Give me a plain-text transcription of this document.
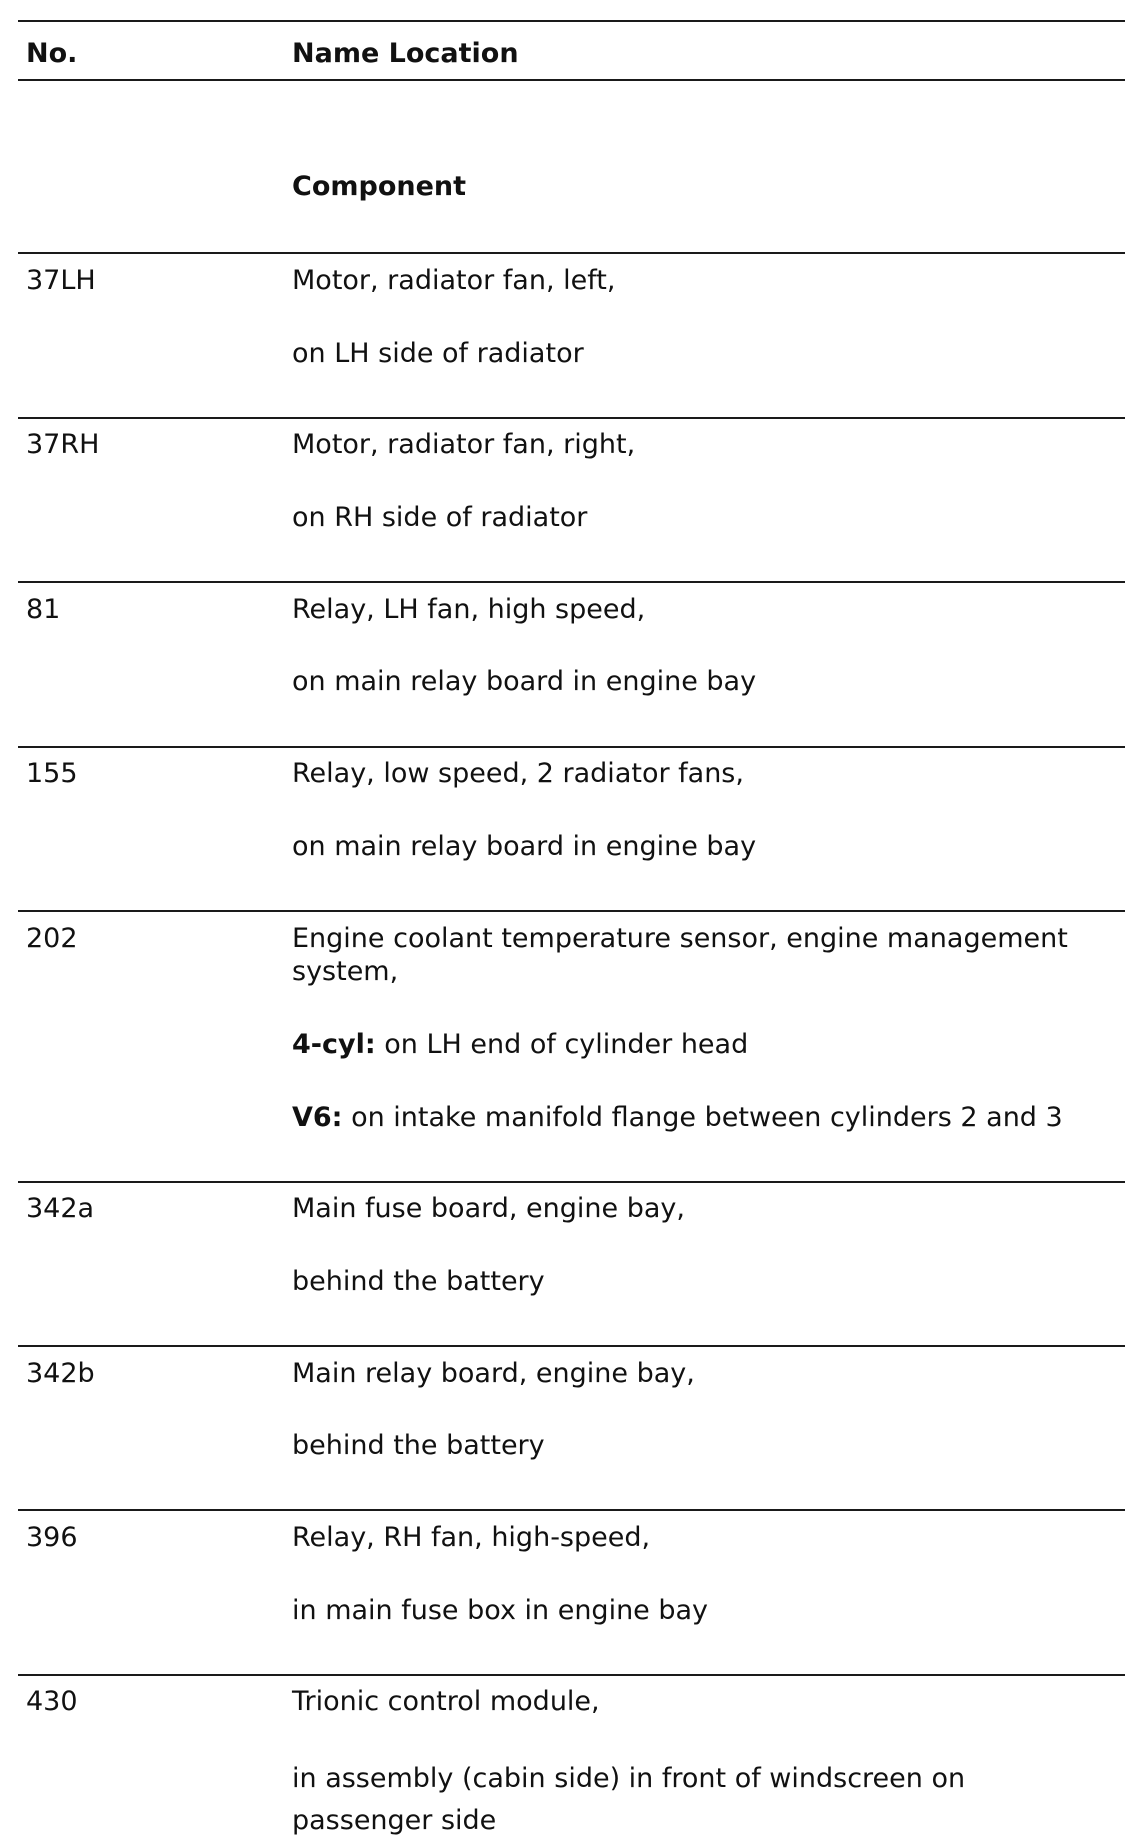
No.	Name Location
Component
37LH	Motor, radiator fan, left,
on LH side of radiator
37RH	Motor, radiator fan, right,
on RH side of radiator
81	Relay, LH fan, high speed,
on main relay board in engine bay
155	Relay, low speed, 2 radiator fans,
on main relay board in engine bay
202	Engine coolant temperature sensor, engine management system,
4-cyl: on LH end of cylinder head
V6: on intake manifold flange between cylinders 2 and 3
342a	Main fuse board, engine bay,
behind the battery
342b	Main relay board, engine bay,
behind the battery
396	Relay, RH fan, high-speed,
in main fuse box in engine bay
430	Trionic control module,
in assembly (cabin side) in front of windscreen on passenger side
